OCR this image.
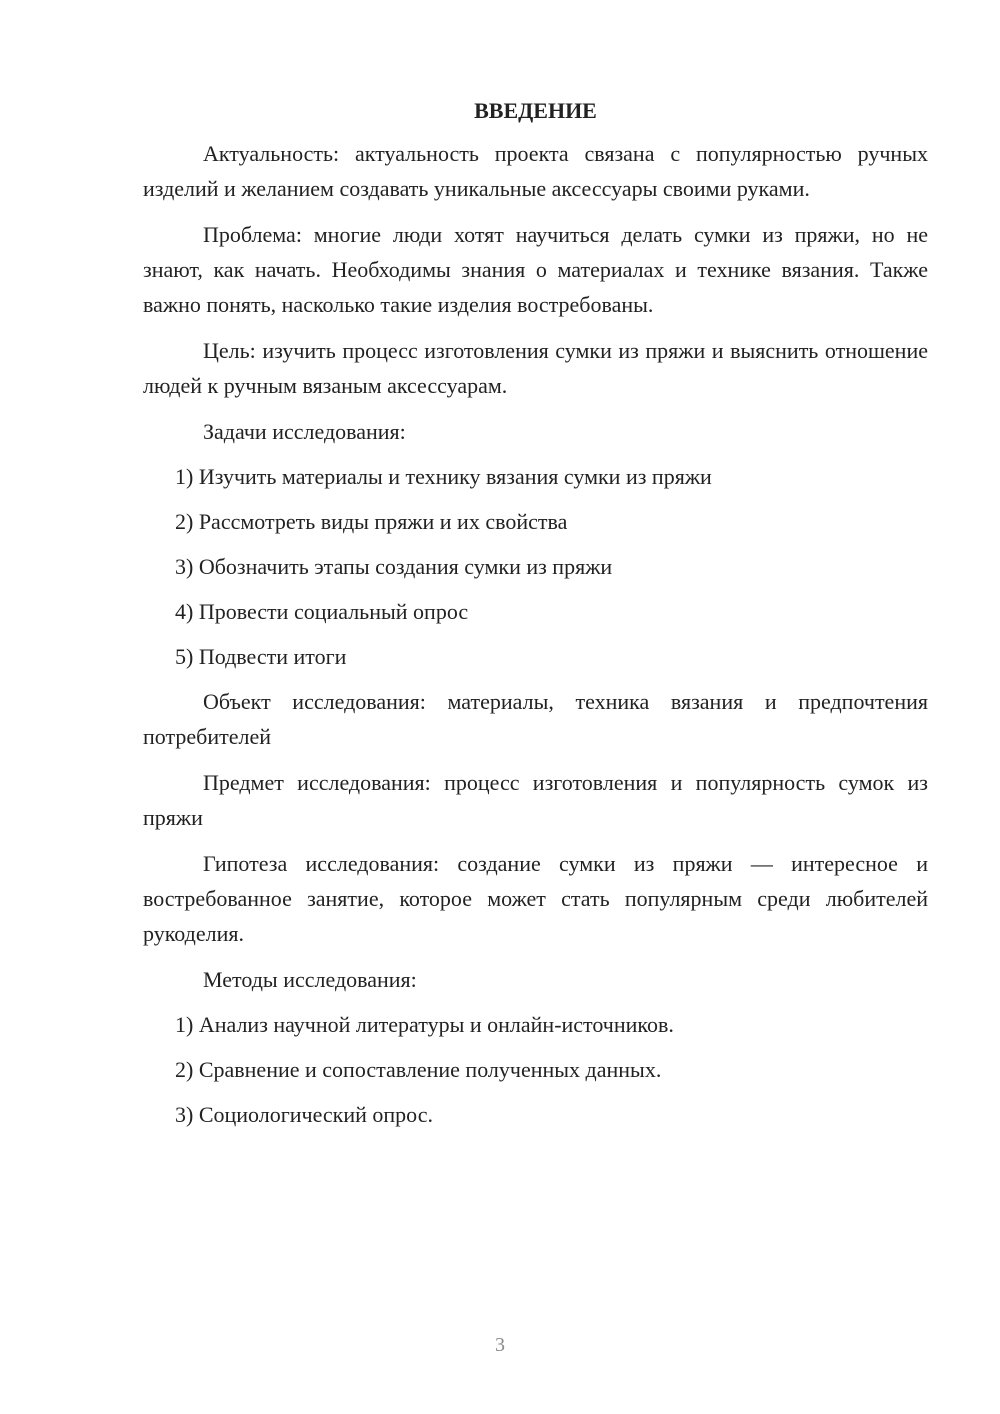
ВВЕДЕНИЕ

Актуальность: актуальность проекта связана с популярностью ручных изделий и желанием создавать уникальные аксессуары своими руками.

Проблема: многие люди хотят научиться делать сумки из пряжи, но не знают, как начать. Необходимы знания о материалах и технике вязания. Также важно понять, насколько такие изделия востребованы.

Цель: изучить процесс изготовления сумки из пряжи и выяснить отношение людей к ручным вязаным аксессуарам.

Задачи исследования:
1) Изучить материалы и технику вязания сумки из пряжи
2) Рассмотреть виды пряжи и их свойства
3) Обозначить этапы создания сумки из пряжи
4) Провести социальный опрос
5) Подвести итоги

Объект исследования: материалы, техника вязания и предпочтения потребителей

Предмет исследования: процесс изготовления и популярность сумок из пряжи

Гипотеза исследования: создание сумки из пряжи — интересное и востребованное занятие, которое может стать популярным среди любителей рукоделия.

Методы исследования:
1) Анализ научной литературы и онлайн-источников.
2) Сравнение и сопоставление полученных данных.
3) Социологический опрос.
3
